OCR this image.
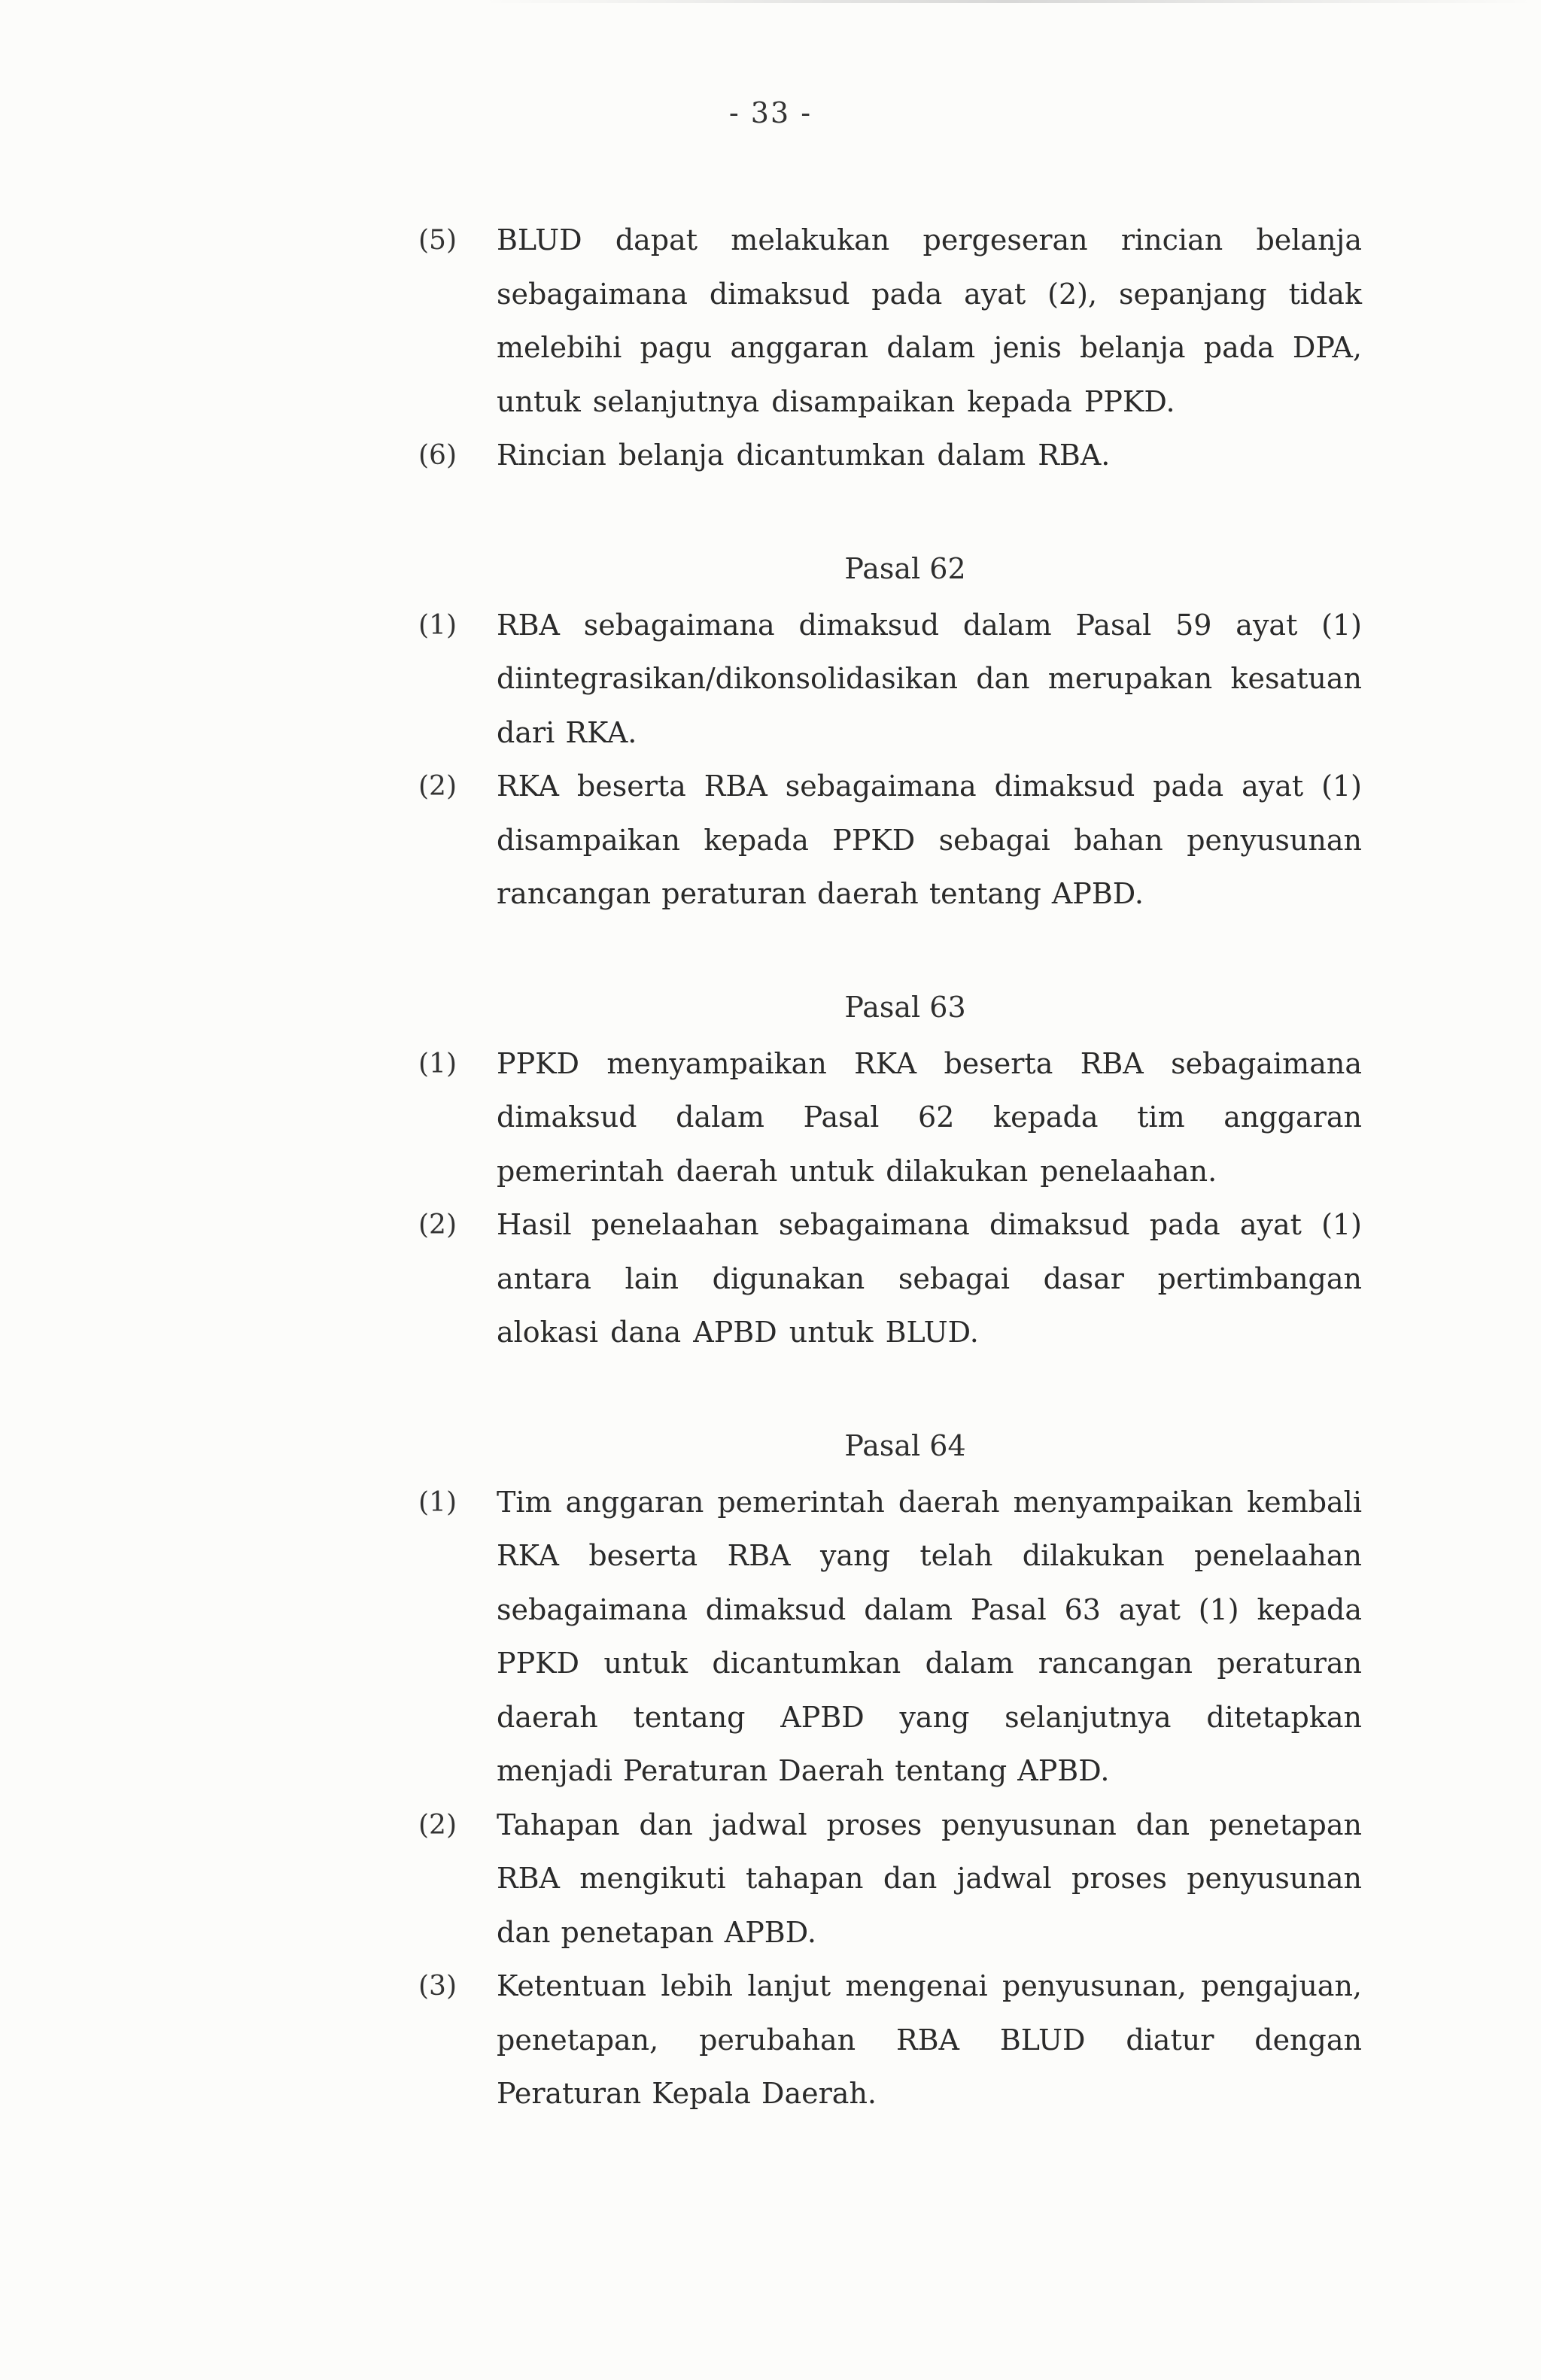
- 33 -
(5)	BLUD dapat melakukan pergeseran rincian belanja sebagaimana dimaksud pada ayat (2), sepanjang tidak melebihi pagu anggaran dalam jenis belanja pada DPA, untuk selanjutnya disampaikan kepada PPKD.
(6)	Rincian belanja dicantumkan dalam RBA.
Pasal 62
(1)	RBA sebagaimana dimaksud dalam Pasal 59 ayat (1) diintegrasikan/dikonsolidasikan dan merupakan kesatuan dari RKA.
(2)	RKA beserta RBA sebagaimana dimaksud pada ayat (1) disampaikan kepada PPKD sebagai bahan penyusunan rancangan peraturan daerah tentang APBD.
Pasal 63
(1)	PPKD menyampaikan RKA beserta RBA sebagaimana dimaksud dalam Pasal 62 kepada tim anggaran pemerintah daerah untuk dilakukan penelaahan.
(2)	Hasil penelaahan sebagaimana dimaksud pada ayat (1) antara lain digunakan sebagai dasar pertimbangan alokasi dana APBD untuk BLUD.
Pasal 64
(1)	Tim anggaran pemerintah daerah menyampaikan kembali RKA beserta RBA yang telah dilakukan penelaahan sebagaimana dimaksud dalam Pasal 63 ayat (1) kepada PPKD untuk dicantumkan dalam rancangan peraturan daerah tentang APBD yang selanjutnya ditetapkan menjadi Peraturan Daerah tentang APBD.
(2)	Tahapan dan jadwal proses penyusunan dan penetapan RBA mengikuti tahapan dan jadwal proses penyusunan dan penetapan APBD.
(3)	Ketentuan lebih lanjut mengenai penyusunan, pengajuan, penetapan, perubahan RBA BLUD diatur dengan Peraturan Kepala Daerah.
